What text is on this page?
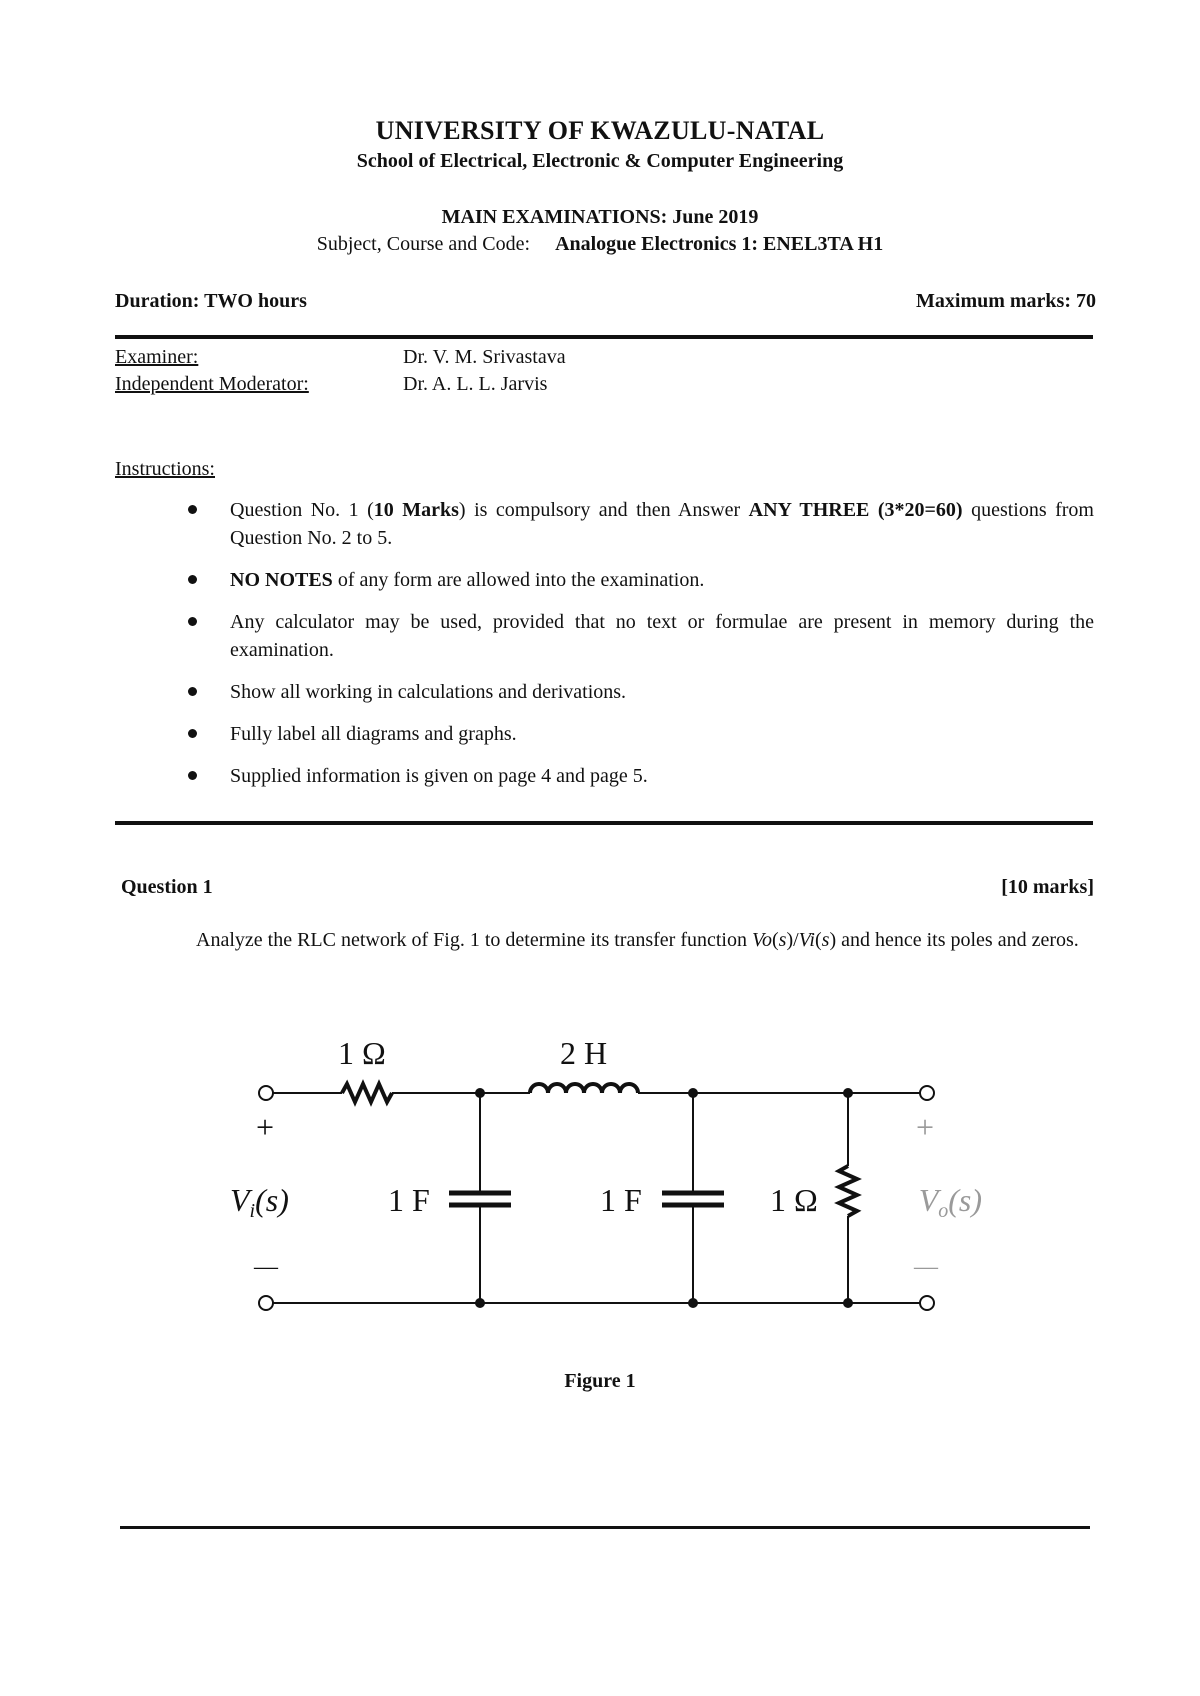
UNIVERSITY OF KWAZULU-NATAL
School of Electrical, Electronic & Computer Engineering
MAIN EXAMINATIONS: June 2019
Subject, Course and Code: Analogue Electronics 1: ENEL3TA H1
Duration: TWO hours	Maximum marks: 70
Examiner:	Dr. V. M. Srivastava
Independent Moderator:	Dr. A. L. L. Jarvis
Instructions:
Question No. 1 (10 Marks) is compulsory and then Answer ANY THREE (3*20=60) questions from Question No. 2 to 5.
NO NOTES of any form are allowed into the examination.
Any calculator may be used, provided that no text or formulae are present in memory during the examination.
Show all working in calculations and derivations.
Fully label all diagrams and graphs.
Supplied information is given on page 4 and page 5.
Question 1	[10 marks]
Analyze the RLC network of Fig. 1 to determine its transfer function Vo(s)/Vi(s) and hence its poles and zeros.
1 Ω	2 H
1 F	1 F	1 Ω
+
—
Vi(s)
+
—
Vo(s)
Figure 1
